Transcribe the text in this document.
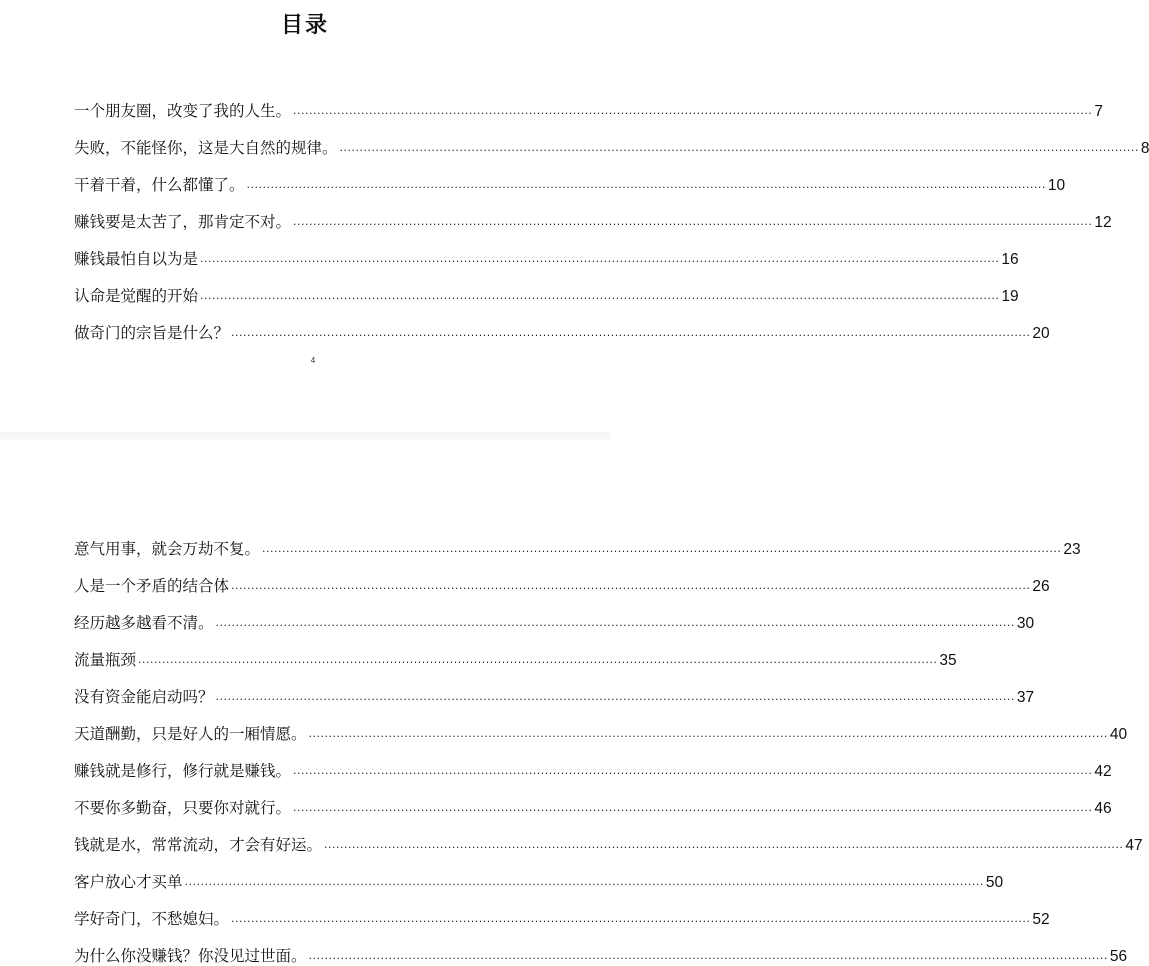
目录
一个朋友圈，改变了我的人生。 ........................................................................................................................................................................................................ 7
失败，不能怪你，这是大自然的规律。 ........................................................................................................................................................................................................ 8
干着干着，什么都懂了。 ........................................................................................................................................................................................................ 10
赚钱要是太苦了，那肯定不对。 ........................................................................................................................................................................................................ 12
赚钱最怕自以为是 ........................................................................................................................................................................................................ 16
认命是觉醒的开始 ........................................................................................................................................................................................................ 19
做奇门的宗旨是什么？ ........................................................................................................................................................................................................ 20
4
意气用事，就会万劫不复。 ........................................................................................................................................................................................................ 23
人是一个矛盾的结合体 ........................................................................................................................................................................................................ 26
经历越多越看不清。 ........................................................................................................................................................................................................ 30
流量瓶颈 ........................................................................................................................................................................................................ 35
没有资金能启动吗？ ........................................................................................................................................................................................................ 37
天道酬勤，只是好人的一厢情愿。 ........................................................................................................................................................................................................ 40
赚钱就是修行，修行就是赚钱。 ........................................................................................................................................................................................................ 42
不要你多勤奋，只要你对就行。 ........................................................................................................................................................................................................ 46
钱就是水，常常流动，才会有好运。 ........................................................................................................................................................................................................ 47
客户放心才买单 ........................................................................................................................................................................................................ 50
学好奇门，不愁媳妇。 ........................................................................................................................................................................................................ 52
为什么你没赚钱？你没见过世面。 ........................................................................................................................................................................................................ 56
